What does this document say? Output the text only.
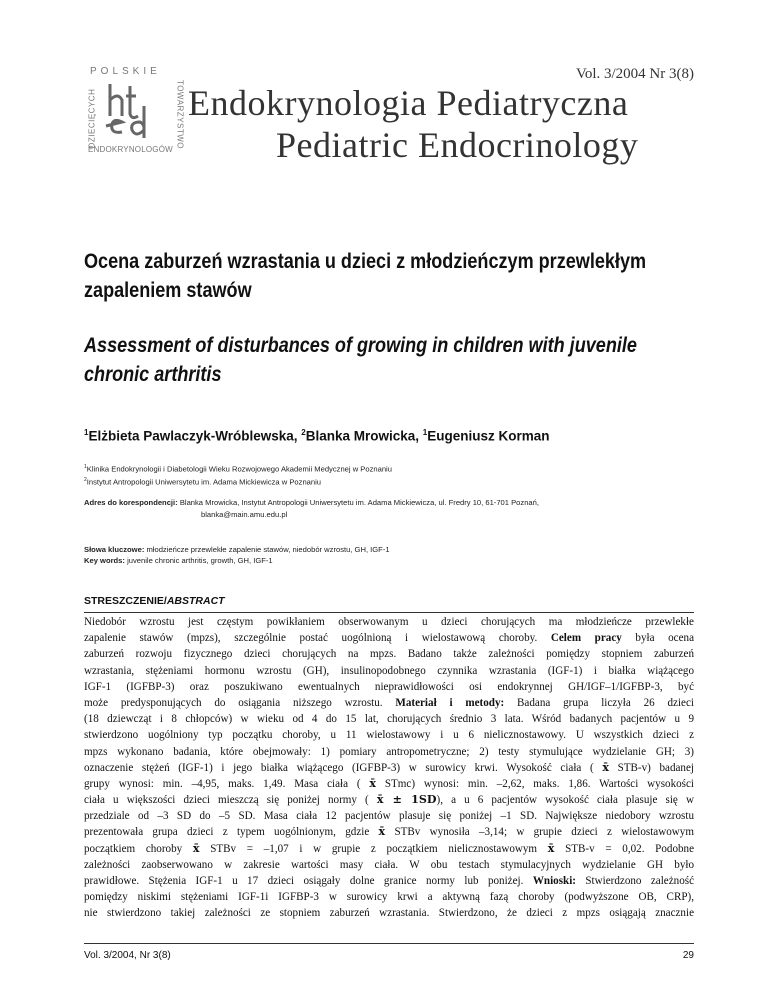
POLSKIE
DZIECIĘCYCH	TOWARZYSTWO
ENDOKRYNOLOGÓW
Vol. 3/2004 Nr 3(8)
Endokrynologia Pediatryczna
Pediatric Endocrinology
Ocena zaburzeń wzrastania u dzieci z młodzieńczym przewlekłym zapaleniem stawów
Assessment of disturbances of growing in children with juvenile chronic arthritis
$^1$Elżbieta Pawlaczyk-Wróblewska, $^2$Blanka Mrowicka, $^1$Eugeniusz Korman
$^1$Klinika Endokrynologii i Diabetologii Wieku Rozwojowego Akademii Medycznej w Poznaniu
$^2$Instytut Antropologii Uniwersytetu im. Adama Mickiewicza w Poznaniu
Adres do korespondencji:
Blanka Mrowicka, Instytut Antropologii Uniwersytetu im. Adama Mickiewicza, ul. Fredry 10, 61-701 Poznań,
blanka@main.amu.edu.pl
Słowa kluczowe: młodzieńcze przewlekłe zapalenie stawów, niedobór wzrostu, GH, IGF-1
Key words: juvenile chronic arthritis, growth, GH, IGF-1
STRESZCZENIE/ABSTRACT
Niedobór wzrostu jest częstym powikłaniem obserwowanym u dzieci chorujących ma młodzieńcze przewlekłe
zapalenie stawów (mpzs), szczególnie postać uogólnioną i wielostawową choroby. Celem pracy była ocena
zaburzeń rozwoju fizycznego dzieci chorujących na mpzs. Badano także zależności pomiędzy stopniem zaburzeń
wzrastania, stężeniami hormonu wzrostu (GH), insulinopodobnego czynnika wzrastania (IGF-1) i białka wiążącego
IGF-1 (IGFBP-3) oraz poszukiwano ewentualnych nieprawidłowości osi endokrynnej GH/IGF–1/IGFBP-3, być
może predysponujących do osiągania niższego wzrostu. Materiał i metody: Badana grupa liczyła 26 dzieci
(18 dziewcząt i 8 chłopców) w wieku od 4 do 15 lat, chorujących średnio 3 lata. Wśród badanych pacjentów u 9
stwierdzono uogólniony typ początku choroby, u 11 wielostawowy i u 6 nielicznostawowy. U wszystkich dzieci z
mpzs wykonano badania, które obejmowały: 1) pomiary antropometryczne; 2) testy stymulujące wydzielanie GH; 3)
oznaczenie stężeń (IGF-1) i jego białka wiążącego (IGFBP-3) w surowicy krwi. Wysokość ciała ( x̄ STB-v) badanej
grupy wynosi: min. –4,95, maks. 1,49. Masa ciała ( x̄ STmc) wynosi: min. –2,62, maks. 1,86. Wartości wysokości
ciała u większości dzieci mieszczą się poniżej normy ( x̄ ± 1SD), a u 6 pacjentów wysokość ciała plasuje się w
przedziale od –3 SD do –5 SD. Masa ciała 12 pacjentów plasuje się poniżej –1 SD. Największe niedobory wzrostu
prezentowała grupa dzieci z typem uogólnionym, gdzie x̄ STBv wynosiła –3,14; w grupie dzieci z wielostawowym
początkiem choroby x̄ STBv = –1,07 i w grupie z początkiem nielicznostawowym x̄ STB-v = 0,02. Podobne
zależności zaobserwowano w zakresie wartości masy ciała. W obu testach stymulacyjnych wydzielanie GH było
prawidłowe. Stężenia IGF-1 u 17 dzieci osiągały dolne granice normy lub poniżej. Wnioski: Stwierdzono zależność
pomiędzy niskimi stężeniami IGF-1i IGFBP-3 w surowicy krwi a aktywną fazą choroby (podwyższone OB, CRP),
nie stwierdzono takiej zależności ze stopniem zaburzeń wzrastania. Stwierdzono, że dzieci z mpzs osiągają znacznie
Vol. 3/2004, Nr 3(8)	29
